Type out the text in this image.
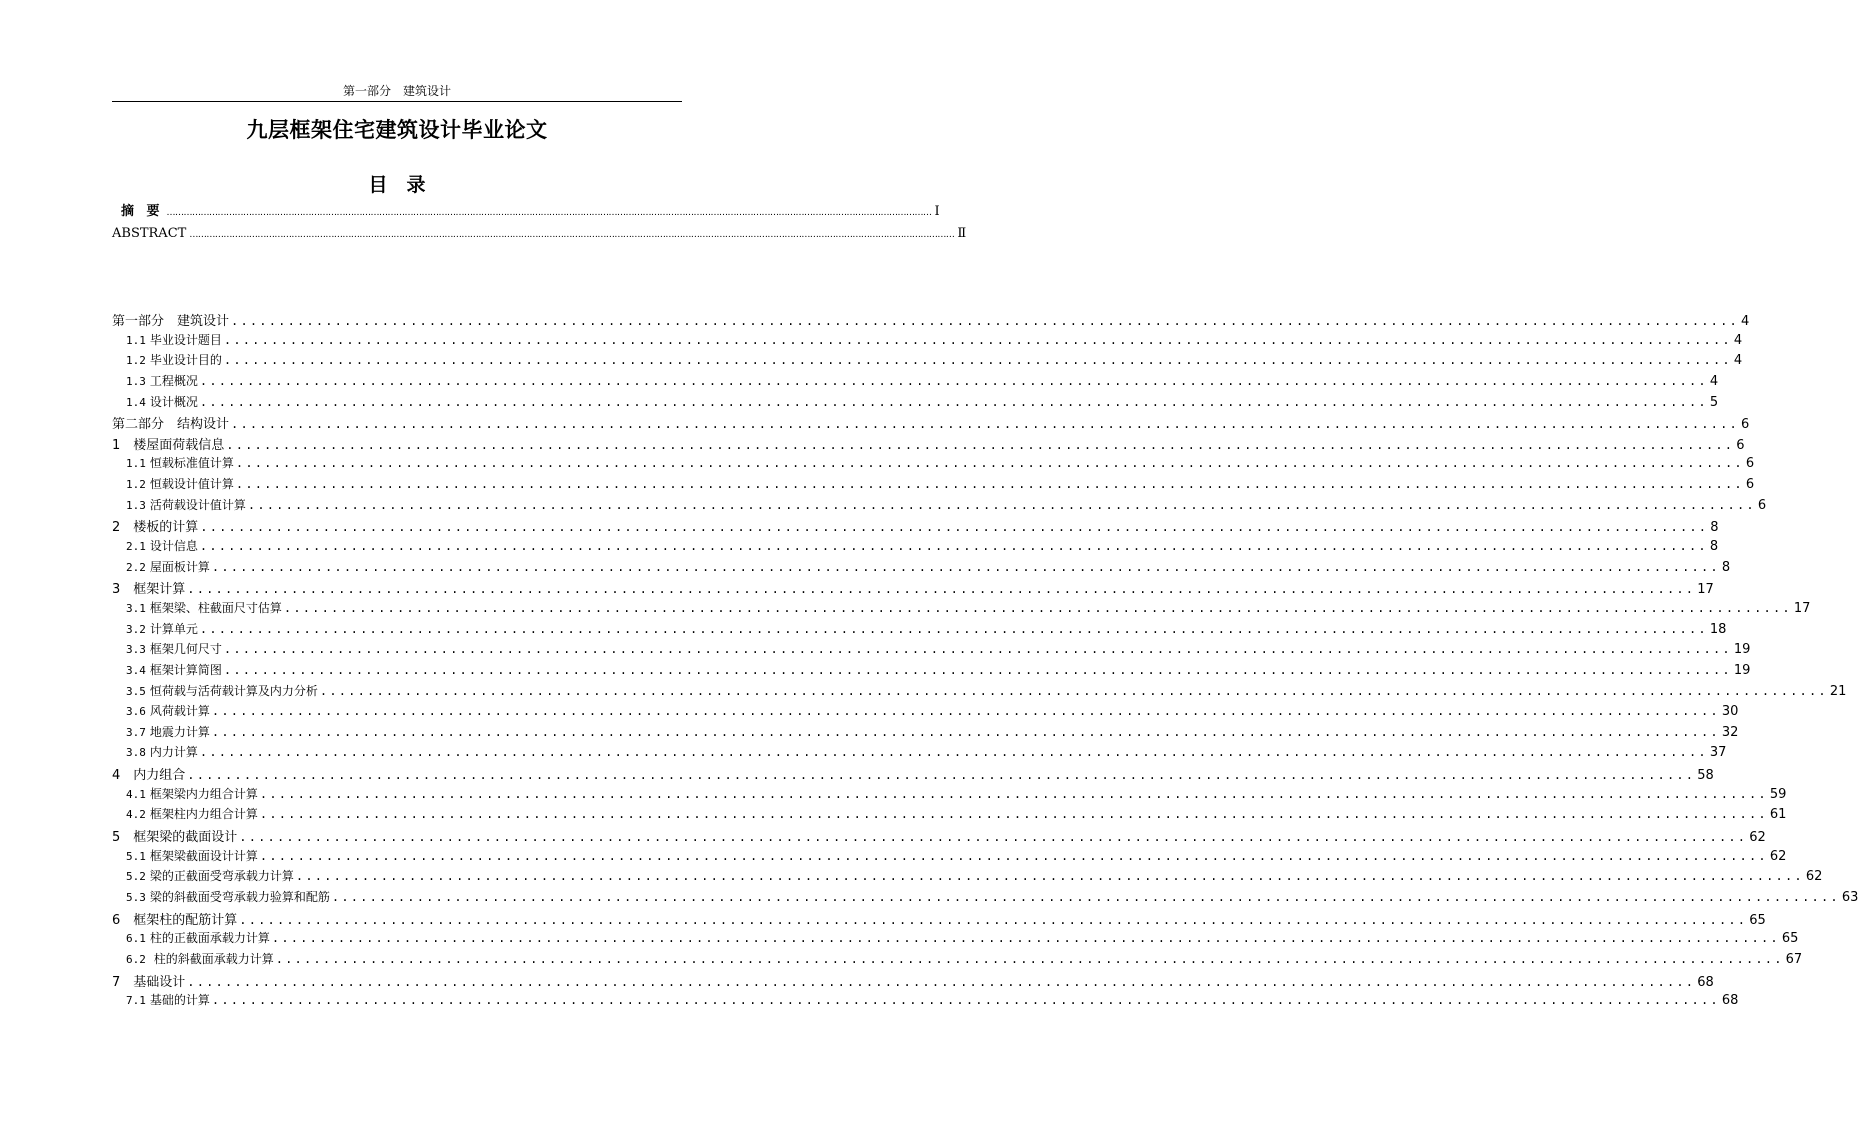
第一部分　建筑设计
九层框架住宅建筑设计毕业论文
目　录
摘 要 ……………………………………………………………………………………………………………………………………………………………………………………………………………………………………………… Ⅰ
ABSTRACT ……………………………………………………………………………………………………………………………………………………………………………………………………………………………………………… Ⅱ
第一部分　建筑设计 ................................................................................................................................................................ 4
1.1 毕业设计题目 ................................................................................................................................................................ 4
1.2 毕业设计目的 ................................................................................................................................................................ 4
1.3 工程概况 ................................................................................................................................................................ 4
1.4 设计概况 ................................................................................................................................................................ 5
第二部分　结构设计 ................................................................................................................................................................ 6
1　楼屋面荷载信息 ................................................................................................................................................................ 6
1.1 恒载标准值计算 ................................................................................................................................................................ 6
1.2 恒载设计值计算 ................................................................................................................................................................ 6
1.3 活荷载设计值计算 ................................................................................................................................................................ 6
2　楼板的计算 ................................................................................................................................................................ 8
2.1 设计信息 ................................................................................................................................................................ 8
2.2 屋面板计算 ................................................................................................................................................................ 8
3　框架计算 ................................................................................................................................................................ 17
3.1 框架梁、柱截面尺寸估算 ................................................................................................................................................................ 17
3.2 计算单元 ................................................................................................................................................................ 18
3.3 框架几何尺寸 ................................................................................................................................................................ 19
3.4 框架计算简图 ................................................................................................................................................................ 19
3.5 恒荷载与活荷载计算及内力分析 ................................................................................................................................................................ 21
3.6 风荷载计算 ................................................................................................................................................................ 30
3.7 地震力计算 ................................................................................................................................................................ 32
3.8 内力计算 ................................................................................................................................................................ 37
4　内力组合 ................................................................................................................................................................ 58
4.1 框架梁内力组合计算 ................................................................................................................................................................ 59
4.2 框架柱内力组合计算 ................................................................................................................................................................ 61
5　框架梁的截面设计 ................................................................................................................................................................ 62
5.1 框架梁截面设计计算 ................................................................................................................................................................ 62
5.2 梁的正截面受弯承载力计算 ................................................................................................................................................................ 62
5.3 梁的斜截面受弯承载力验算和配筋 ................................................................................................................................................................ 63
6　框架柱的配筋计算 ................................................................................................................................................................ 65
6.1 柱的正截面承载力计算 ................................................................................................................................................................ 65
6.2 柱的斜截面承载力计算 ................................................................................................................................................................ 67
7　基础设计 ................................................................................................................................................................ 68
7.1 基础的计算 ................................................................................................................................................................ 68
